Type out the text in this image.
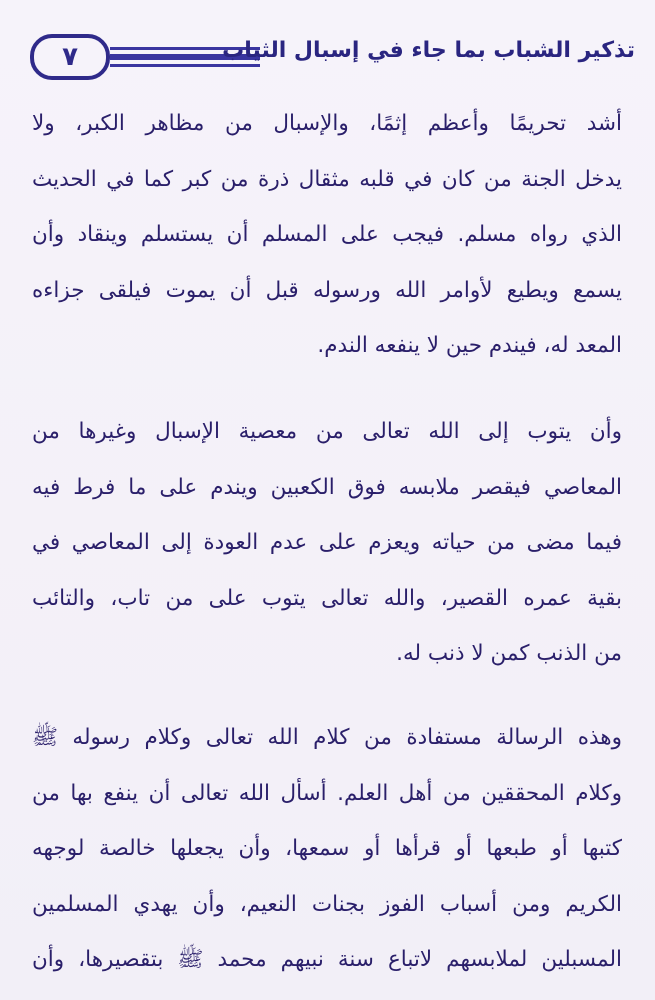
٧	تذكير الشباب بما جاء في إسبال الثياب
أشد تحريمًا وأعظم إثمًا، والإسبال من مظاهر الكبر، ولا
يدخل الجنة من كان في قلبه مثقال ذرة من كبر كما في الحديث
الذي رواه مسلم. فيجب على المسلم أن يستسلم وينقاد وأن
يسمع ويطيع لأوامر الله ورسوله قبل أن يموت فيلقى جزاءه
المعد له، فيندم حين لا ينفعه الندم.
وأن يتوب إلى الله تعالى من معصية الإسبال وغيرها من
المعاصي فيقصر ملابسه فوق الكعبين ويندم على ما فرط فيه
فيما مضى من حياته ويعزم على عدم العودة إلى المعاصي في
بقية عمره القصير، والله تعالى يتوب على من تاب، والتائب
من الذنب كمن لا ذنب له.
وهذه الرسالة مستفادة من كلام الله تعالى وكلام رسوله ﷺ
وكلام المحققين من أهل العلم. أسأل الله تعالى أن ينفع بها من
كتبها أو طبعها أو قرأها أو سمعها، وأن يجعلها خالصة لوجهه
الكريم ومن أسباب الفوز بجنات النعيم، وأن يهدي المسلمين
المسبلين لملابسهم لاتباع سنة نبيهم محمد ﷺ بتقصيرها، وأن
